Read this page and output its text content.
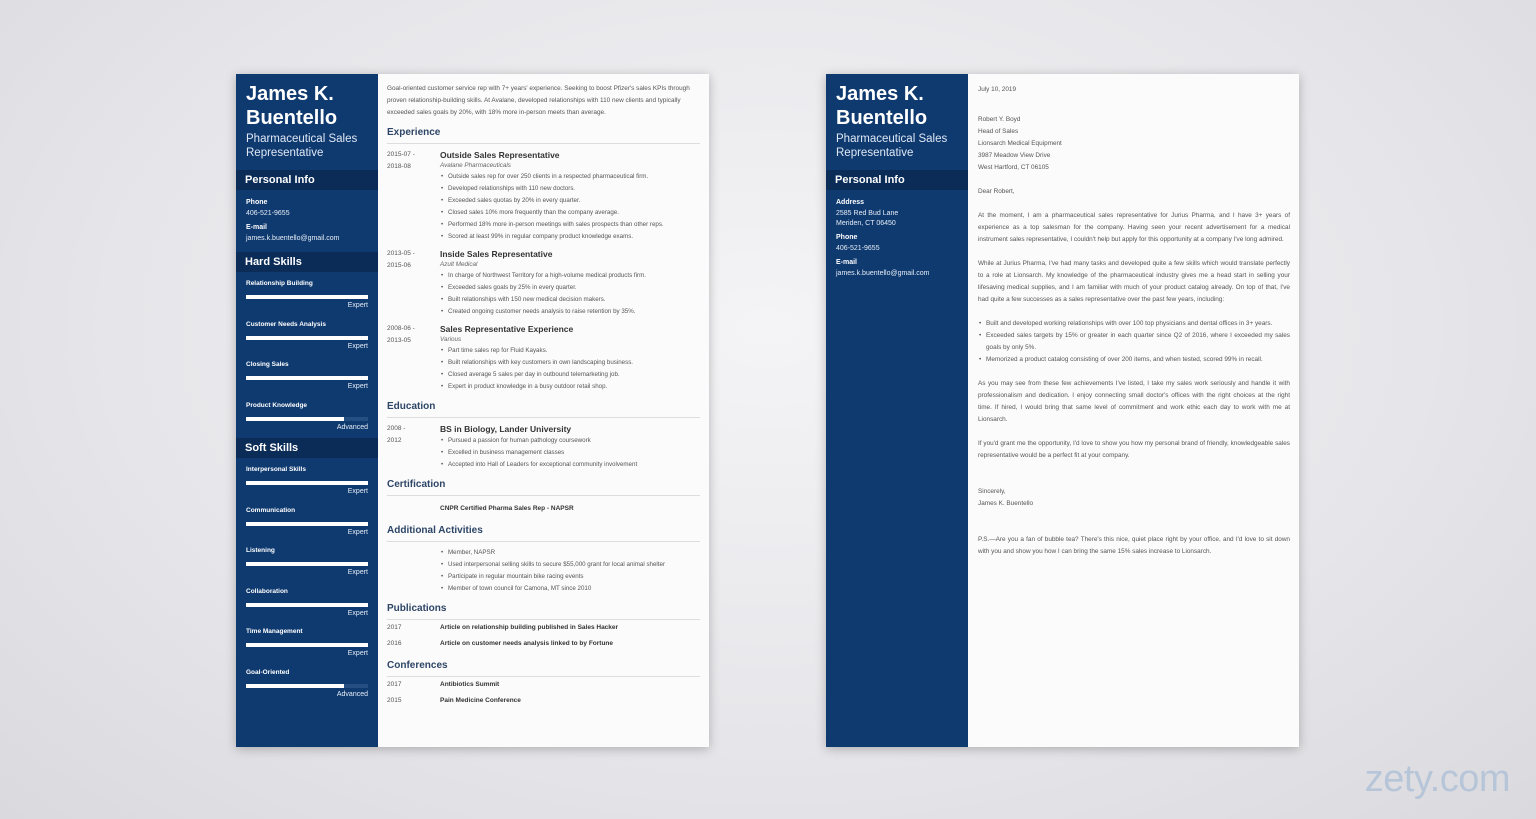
James K. Buentello
Pharmaceutical Sales Representative
Personal Info
Phone
406-521-9655
E-mail
james.k.buentello@gmail.com
Hard Skills
Relationship Building
Expert
Customer Needs Analysis
Expert
Closing Sales
Expert
Product Knowledge
Advanced
Soft Skills
Interpersonal Skills
Expert
Communication
Expert
Listening
Expert
Collaboration
Expert
Time Management
Expert
Goal-Oriented
Advanced
Goal-oriented customer service rep with 7+ years' experience. Seeking to boost Pfizer's sales KPIs through proven relationship-building skills. At Avalane, developed relationships with 110 new clients and typically exceeded sales goals by 20%, with 18% more in-person meets than average.
Experience
2015-07 -
2018-08
Outside Sales Representative
Avalane Pharmaceuticals
• Outside sales rep for over 250 clients in a respected pharmaceutical firm.
• Developed relationships with 110 new doctors.
• Exceeded sales quotas by 20% in every quarter.
• Closed sales 10% more frequently than the company average.
• Performed 18% more in-person meetings with sales prospects than other reps.
• Scored at least 99% in regular company product knowledge exams.
2013-05 -
2015-06
Inside Sales Representative
Azult Medical
• In charge of Northwest Territory for a high-volume medical products firm.
• Exceeded sales goals by 25% in every quarter.
• Built relationships with 150 new medical decision makers.
• Created ongoing customer needs analysis to raise retention by 35%.
2008-06 -
2013-05
Sales Representative Experience
Various
• Part time sales rep for Fluid Kayaks.
• Built relationships with key customers in own landscaping business.
• Closed average 5 sales per day in outbound telemarketing job.
• Expert in product knowledge in a busy outdoor retail shop.
Education
2008 -
2012
BS in Biology, Lander University
• Pursued a passion for human pathology coursework
• Excelled in business management classes
• Accepted into Hall of Leaders for exceptional community involvement
Certification
CNPR Certified Pharma Sales Rep - NAPSR
Additional Activities
• Member, NAPSR
• Used interpersonal selling skills to secure $55,000 grant for local animal shelter
• Participate in regular mountain bike racing events
• Member of town council for Camona, MT since 2010
Publications
2017	Article on relationship building published in Sales Hacker
2016	Article on customer needs analysis linked to by Fortune
Conferences
2017	Antibiotics Summit
2015	Pain Medicine Conference
James K. Buentello
Pharmaceutical Sales Representative
Personal Info
Address
2585 Red Bud Lane
Meriden, CT 06450
Phone
406-521-9655
E-mail
james.k.buentello@gmail.com
July 10, 2019
Robert Y. Boyd
Head of Sales
Lionsarch Medical Equipment
3987 Meadow View Drive
West Hartford, CT 06105

Dear Robert,

At the moment, I am a pharmaceutical sales representative for Jurius Pharma, and I have 3+ years of experience as a top salesman for the company. Having seen your recent advertisement for a medical instrument sales representative, I couldn't help but apply for this opportunity at a company I've long admired.

While at Jurius Pharma, I've had many tasks and developed quite a few skills which would translate perfectly to a role at Lionsarch. My knowledge of the pharmaceutical industry gives me a head start in selling your lifesaving medical supplies, and I am familiar with much of your product catalog already. On top of that, I've had quite a few successes as a sales representative over the past few years, including:

• Built and developed working relationships with over 100 top physicians and dental offices in 3+ years.
• Exceeded sales targets by 15% or greater in each quarter since Q2 of 2016, where I exceeded my sales goals by only 5%.
• Memorized a product catalog consisting of over 200 items, and when tested, scored 99% in recall.

As you may see from these few achievements I've listed, I take my sales work seriously and handle it with professionalism and dedication. I enjoy connecting small doctor's offices with the right choices at the right time. If hired, I would bring that same level of commitment and work ethic each day to work with me at Lionsarch.

If you'd grant me the opportunity, I'd love to show you how my personal brand of friendly, knowledgeable sales representative would be a perfect fit at your company.

Sincerely,

James K. Buentello

P.S.—Are you a fan of bubble tea? There's this nice, quiet place right by your office, and I'd love to sit down with you and show you how I can bring the same 15% sales increase to Lionsarch.

zety.com
